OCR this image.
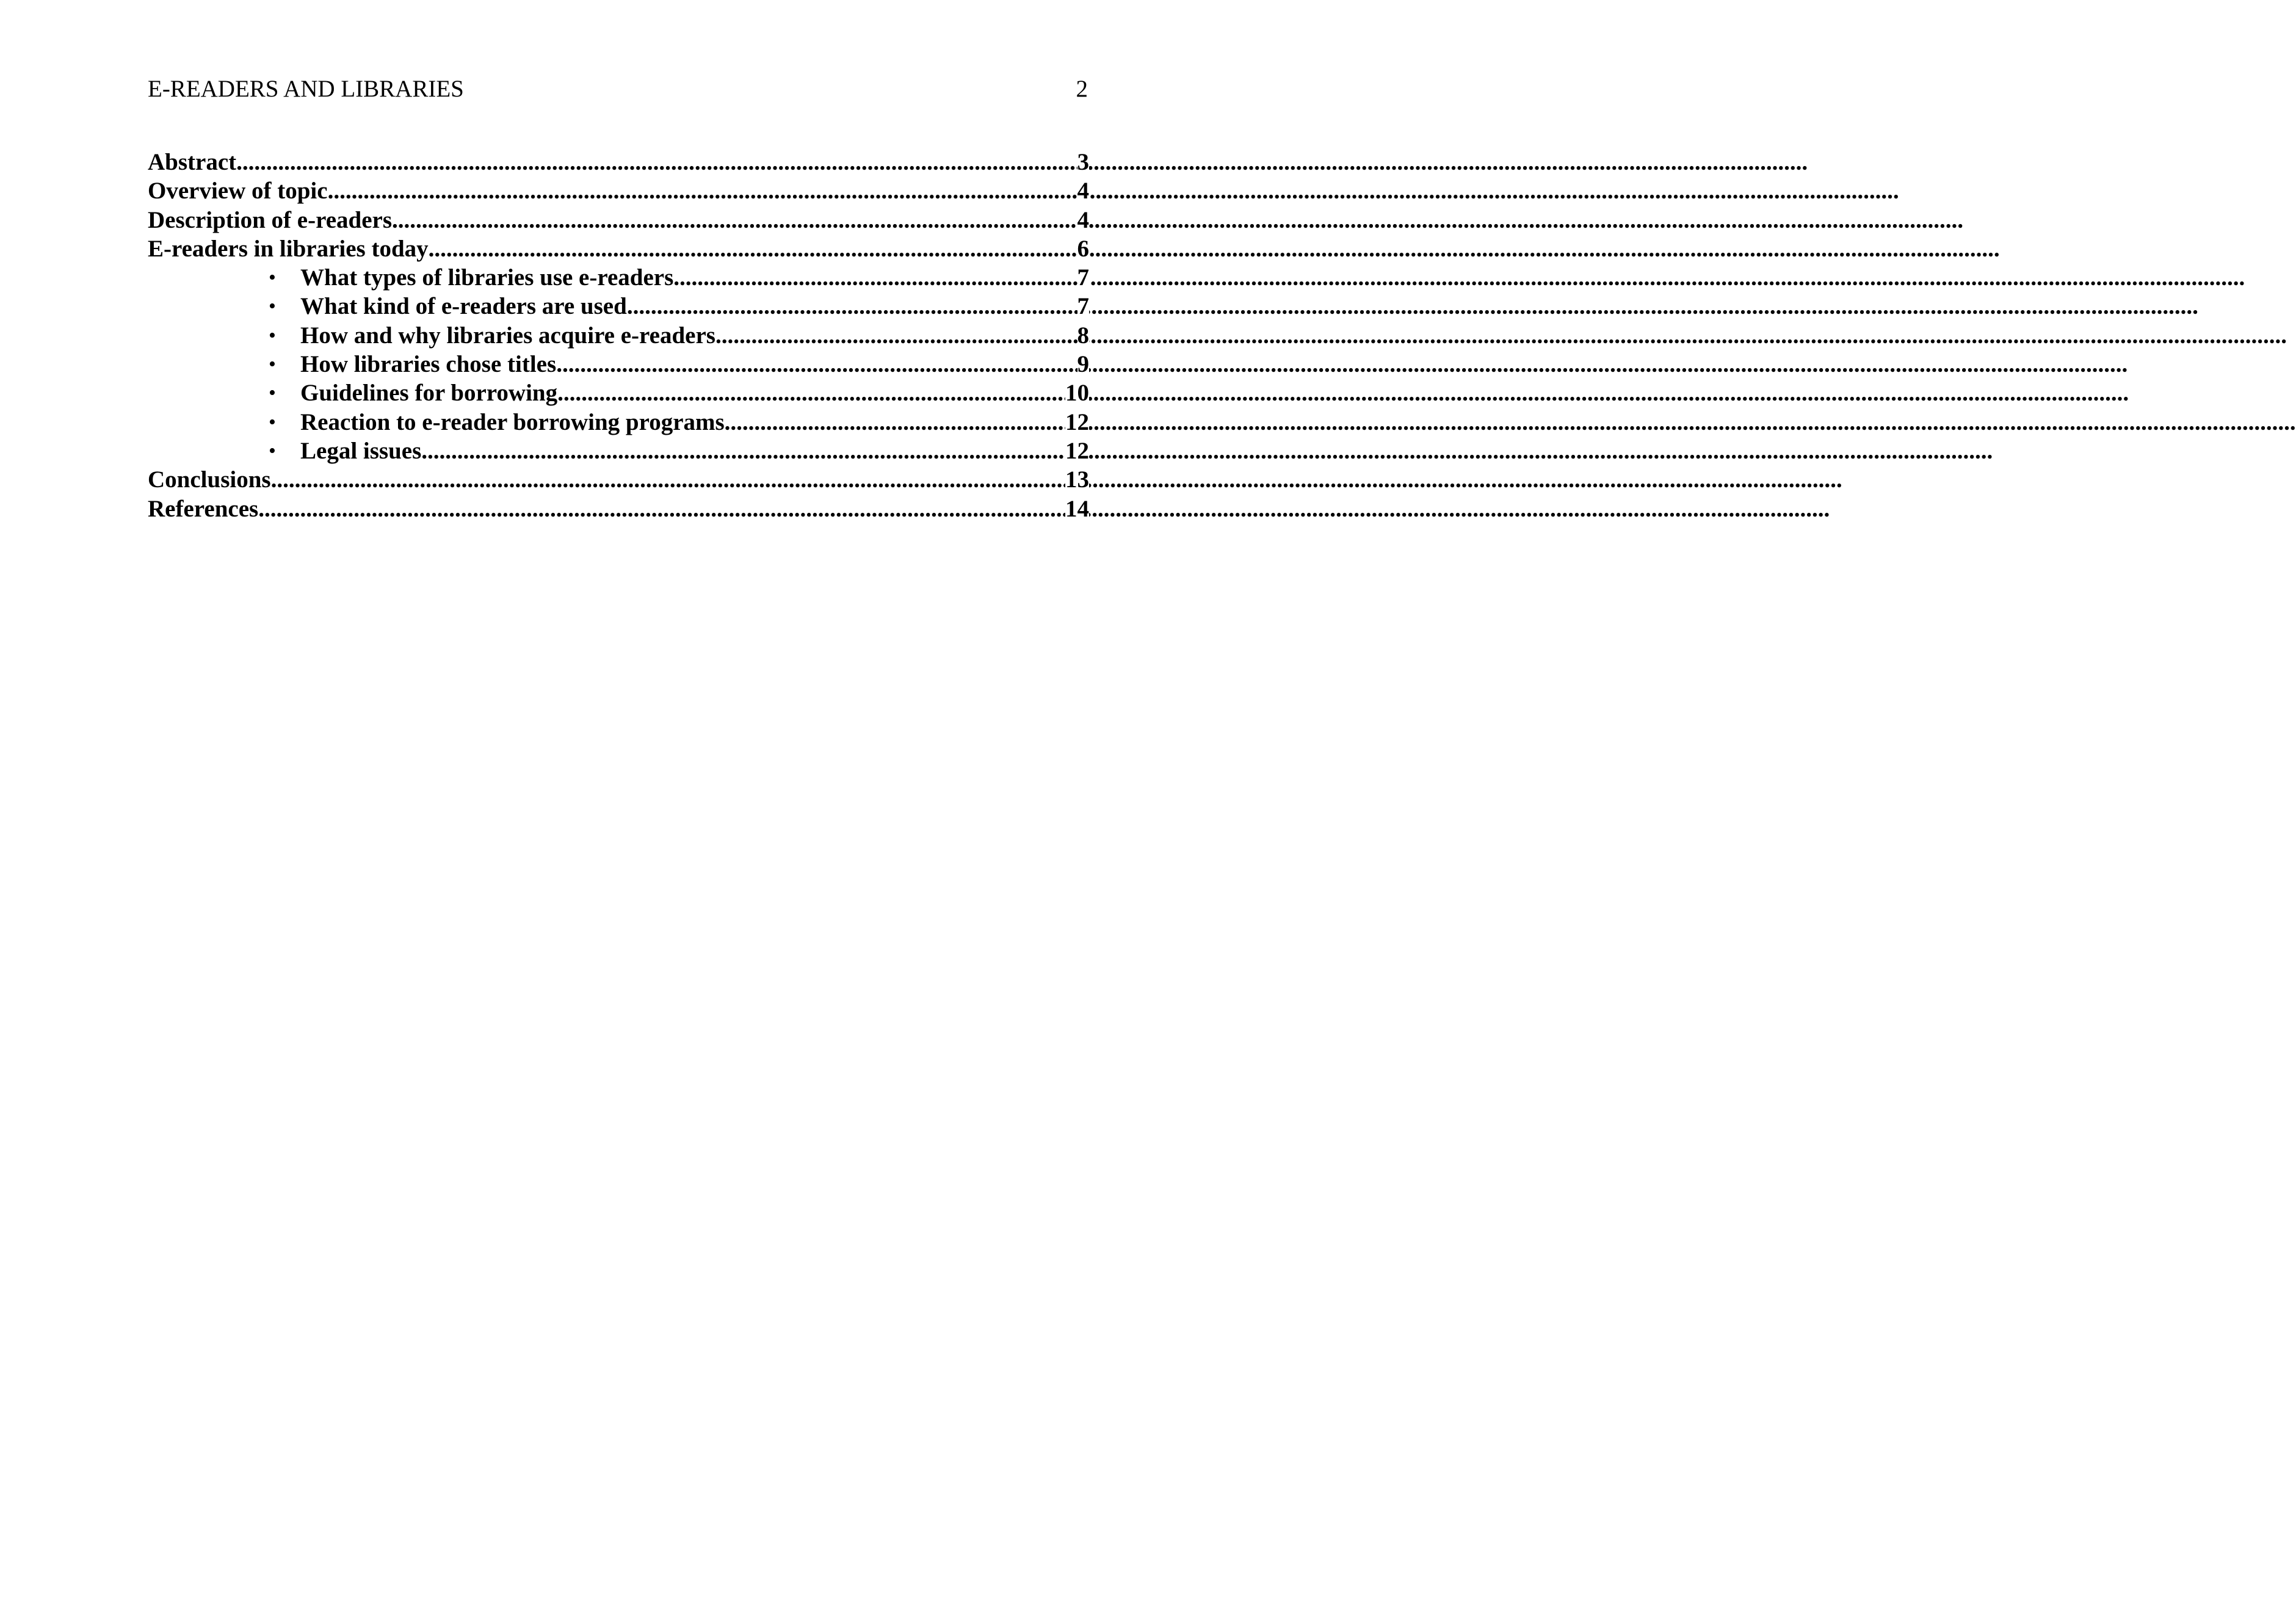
E-READERS AND LIBRARIES	2
Abstract	3
.....
Overview of topic	4
.....
Description of e-readers	4
.....
E-readers in libraries today	6
.....
• What types of libraries use e-readers	7
.....
• What kind of e-readers are used	7
.....
• How and why libraries acquire e-readers	8
.....
• How libraries chose titles	9
.....
• Guidelines for borrowing	10
.....
• Reaction to e-reader borrowing programs	12
.....
• Legal issues	12
.....
Conclusions	13
.....
References	14
.....
